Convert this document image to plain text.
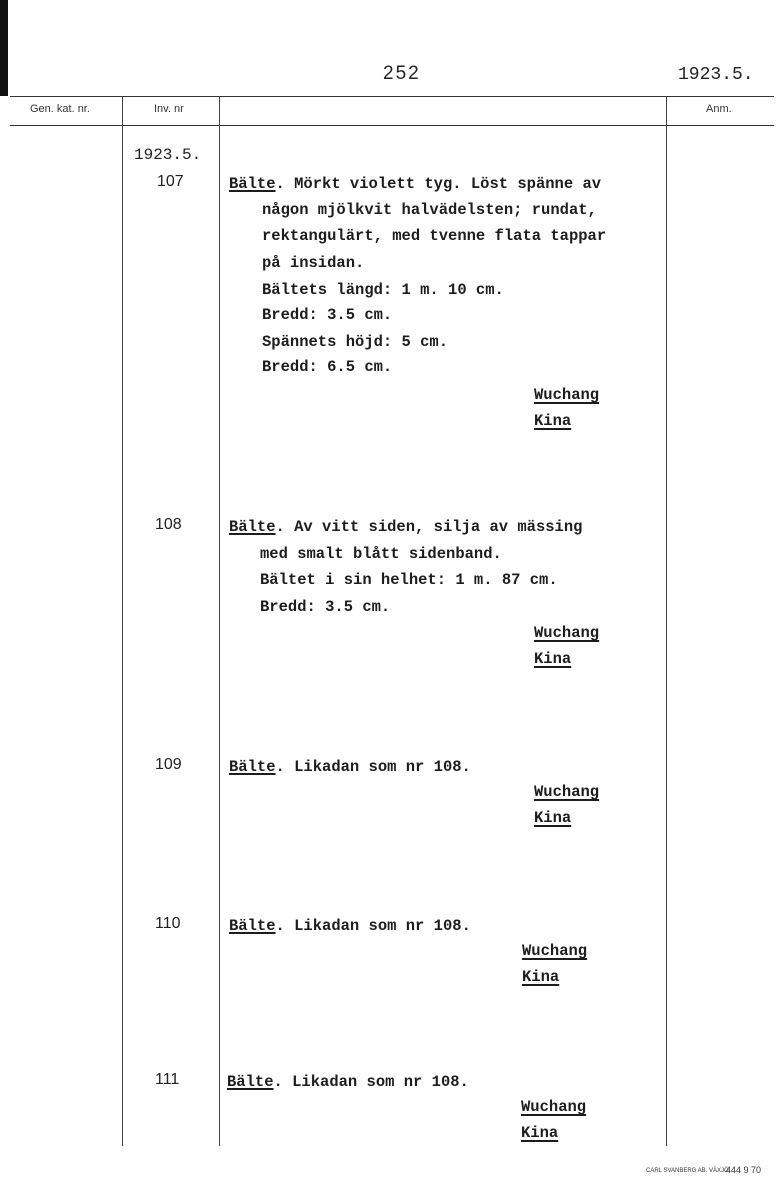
252	1923.5.
Gen. kat. nr.	Inv. nr	Anm.
1923.5.
107	Bälte. Mörkt violett tyg. Löst spänne av
någon mjölkvit halvädelsten; rundat,
rektangulärt, med tvenne flata tappar
på insidan.
Bältets längd: 1 m. 10 cm.
Bredd: 3.5 cm.
Spännets höjd: 5 cm.
Bredd: 6.5 cm.
Wuchang
Kina
108	Bälte. Av vitt siden, silja av mässing
med smalt blått sidenband.
Bältet i sin helhet: 1 m. 87 cm.
Bredd: 3.5 cm.
Wuchang
Kina
109	Bälte. Likadan som nr 108.
Wuchang
Kina
110	Bälte. Likadan som nr 108.
Wuchang
Kina
111	Bälte. Likadan som nr 108.
Wuchang
Kina
CARL SVANBERG AB. VÄXJÖ
444 9 70
